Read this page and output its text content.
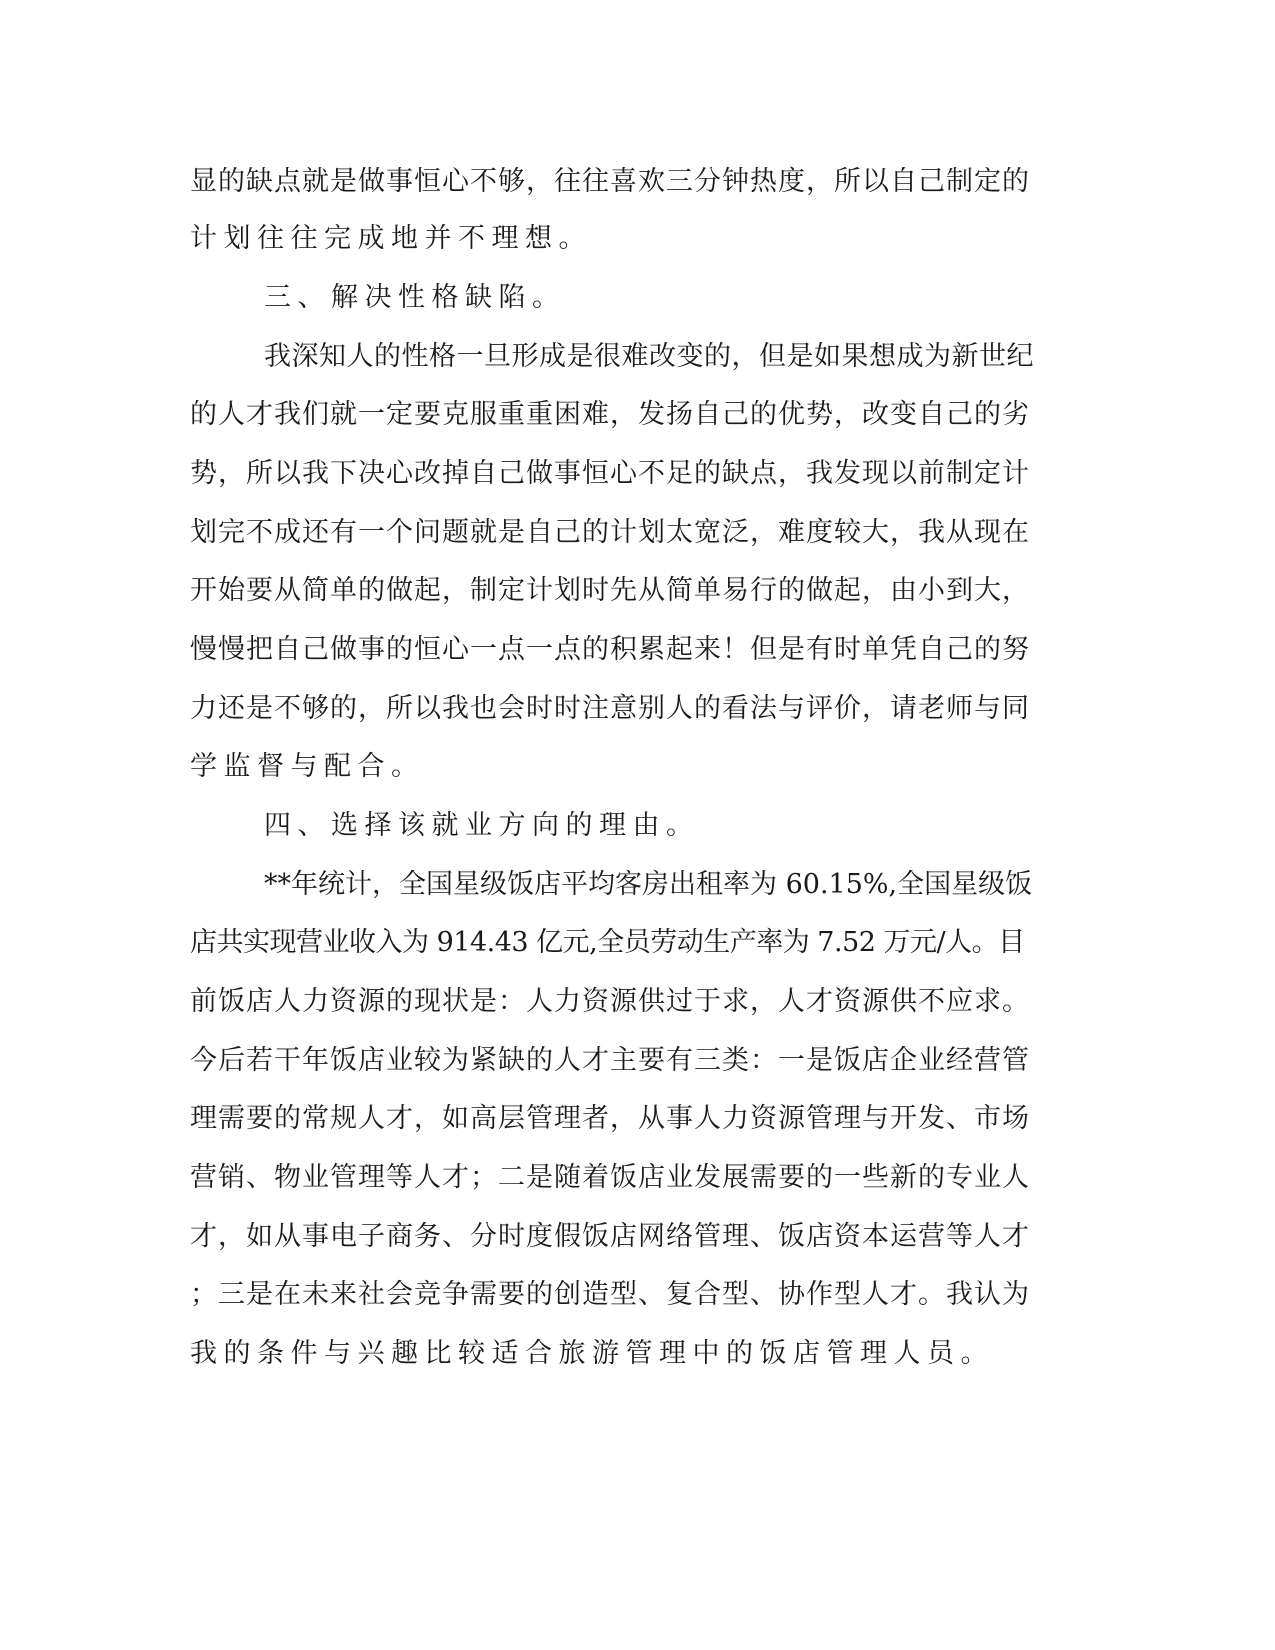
显的缺点就是做事恒心不够，往往喜欢三分钟热度，所以自己制定的

计划往往完成地并不理想。

三、解决性格缺陷。

我深知人的性格一旦形成是很难改变的，但是如果想成为新世纪

的人才我们就一定要克服重重困难，发扬自己的优势，改变自己的劣

势，所以我下决心改掉自己做事恒心不足的缺点，我发现以前制定计

划完不成还有一个问题就是自己的计划太宽泛，难度较大，我从现在

开始要从简单的做起，制定计划时先从简单易行的做起，由小到大，

慢慢把自己做事的恒心一点一点的积累起来！但是有时单凭自己的努

力还是不够的，所以我也会时时注意别人的看法与评价，请老师与同

学监督与配合。

四、选择该就业方向的理由。

**年统计，全国星级饭店平均客房出租率为 60.15%,全国星级饭

店共实现营业收入为 914.43 亿元,全员劳动生产率为 7.52 万元/人。目

前饭店人力资源的现状是：人力资源供过于求，人才资源供不应求。

今后若干年饭店业较为紧缺的人才主要有三类：一是饭店企业经营管

理需要的常规人才，如高层管理者，从事人力资源管理与开发、市场

营销、物业管理等人才；二是随着饭店业发展需要的一些新的专业人

才，如从事电子商务、分时度假饭店网络管理、饭店资本运营等人才

；三是在未来社会竞争需要的创造型、复合型、协作型人才。我认为

我的条件与兴趣比较适合旅游管理中的饭店管理人员。
